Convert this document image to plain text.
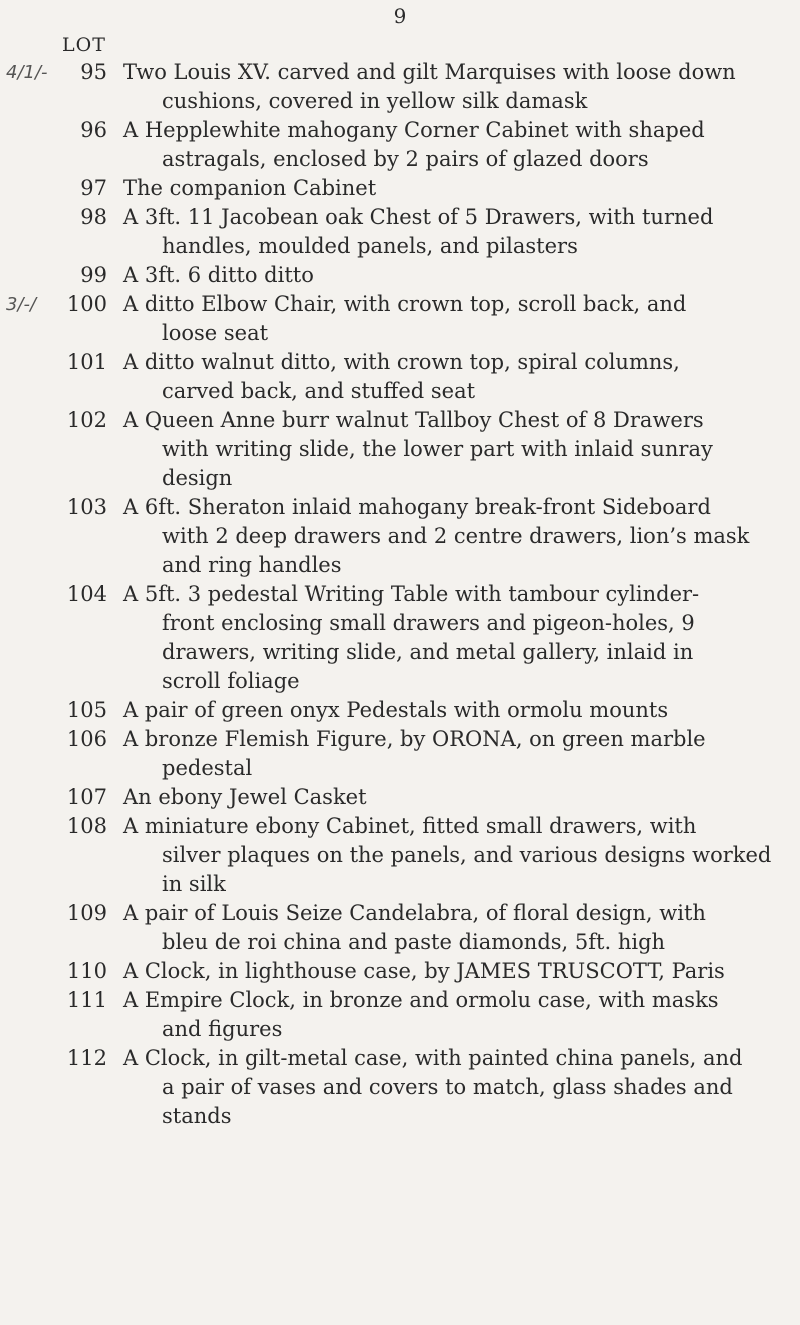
9
LOT
95
4/1/-	Two Louis XV. carved and gilt Marquises with loose down
cushions, covered in yellow silk damask
96 A Hepplewhite mahogany Corner Cabinet with shaped
astragals, enclosed by 2 pairs of glazed doors
97 The companion Cabinet
98 A 3ft. 11 Jacobean oak Chest of 5 Drawers, with turned
handles, moulded panels, and pilasters
99 A 3ft. 6 ditto ditto
100
3/-/	A ditto Elbow Chair, with crown top, scroll back, and
loose seat
101 A ditto walnut ditto, with crown top, spiral columns,
carved back, and stuffed seat
102 A Queen Anne burr walnut Tallboy Chest of 8 Drawers
with writing slide, the lower part with inlaid sunray
design
103 A 6ft. Sheraton inlaid mahogany break-front Sideboard
with 2 deep drawers and 2 centre drawers, lion’s mask
and ring handles
104 A 5ft. 3 pedestal Writing Table with tambour cylinder-
front enclosing small drawers and pigeon-holes, 9
drawers, writing slide, and metal gallery, inlaid in
scroll foliage
105 A pair of green onyx Pedestals with ormolu mounts
106 A bronze Flemish Figure, by ORONA, on green marble
pedestal
107 An ebony Jewel Casket
108 A miniature ebony Cabinet, fitted small drawers, with
silver plaques on the panels, and various designs worked
in silk
109 A pair of Louis Seize Candelabra, of floral design, with
bleu de roi china and paste diamonds, 5ft. high
110 A Clock, in lighthouse case, by JAMES TRUSCOTT, Paris
111 A Empire Clock, in bronze and ormolu case, with masks
and figures
112 A Clock, in gilt-metal case, with painted china panels, and
a pair of vases and covers to match, glass shades and
stands
